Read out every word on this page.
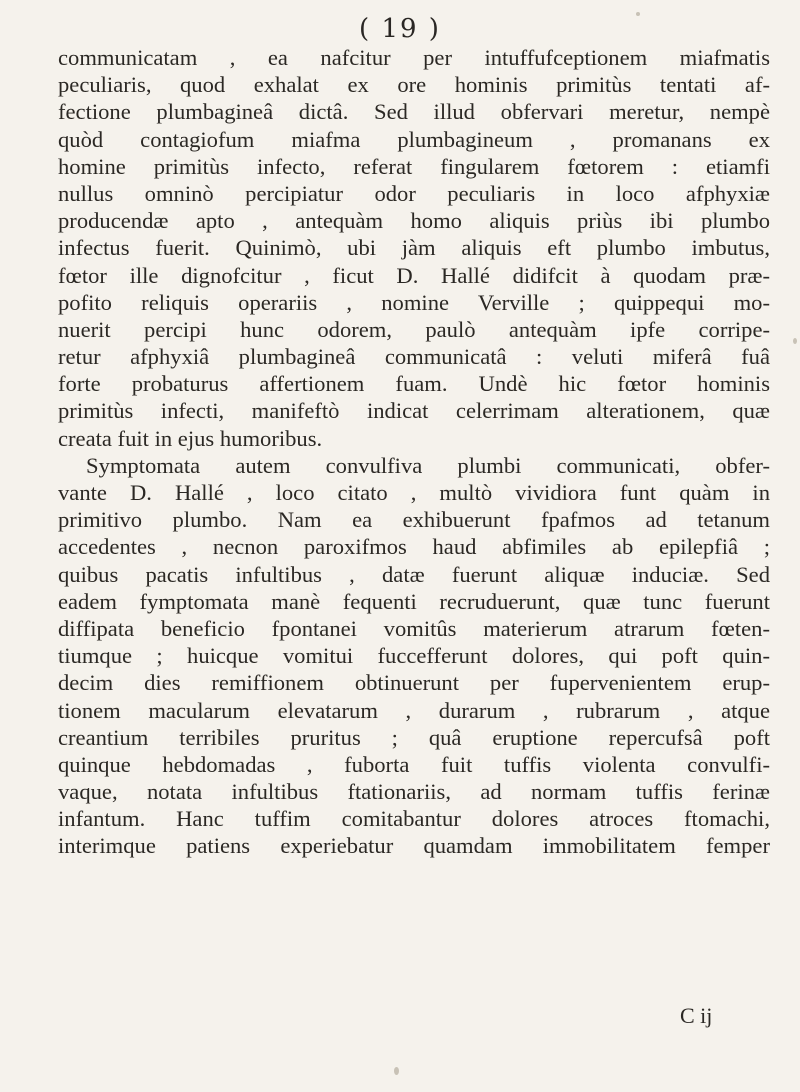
( 19 )
communicatam , ea nafcitur per intuffufceptionem miafmatis
peculiaris, quod exhalat ex ore hominis primitùs tentati af-
fectione plumbagineâ dictâ. Sed illud obfervari meretur, nempè
quòd contagiofum miafma plumbagineum , promanans ex
homine primitùs infecto, referat fingularem fœtorem : etiamfi
nullus omninò percipiatur odor peculiaris in loco afphyxiæ
producendæ apto , antequàm homo aliquis priùs ibi plumbo
infectus fuerit. Quinimò, ubi jàm aliquis eft plumbo imbutus,
fœtor ille dignofcitur , ficut D. Hallé didifcit à quodam præ-
pofito reliquis operariis , nomine Verville ; quippequi mo-
nuerit percipi hunc odorem, paulò antequàm ipfe corripe-
retur afphyxiâ plumbagineâ communicatâ : veluti miferâ fuâ
forte probaturus affertionem fuam. Undè hic fœtor hominis
primitùs infecti, manifeftò indicat celerrimam alterationem, quæ
creata fuit in ejus humoribus.
Symptomata autem convulfiva plumbi communicati, obfer-
vante D. Hallé , loco citato , multò vividiora funt quàm in
primitivo plumbo. Nam ea exhibuerunt fpafmos ad tetanum
accedentes , necnon paroxifmos haud abfimiles ab epilepfiâ ;
quibus pacatis infultibus , datæ fuerunt aliquæ induciæ. Sed
eadem fymptomata manè fequenti recruduerunt, quæ tunc fuerunt
diffipata beneficio fpontanei vomitûs materierum atrarum fœten-
tiumque ; huicque vomitui fuccefferunt dolores, qui poft quin-
decim dies remiffionem obtinuerunt per fupervenientem erup-
tionem macularum elevatarum , durarum , rubrarum , atque
creantium terribiles pruritus ; quâ eruptione repercufsâ poft
quinque hebdomadas , fuborta fuit tuffis violenta convulfi-
vaque, notata infultibus ftationariis, ad normam tuffis ferinæ
infantum. Hanc tuffim comitabantur dolores atroces ftomachi,
interimque patiens experiebatur quamdam immobilitatem femper
C ij
